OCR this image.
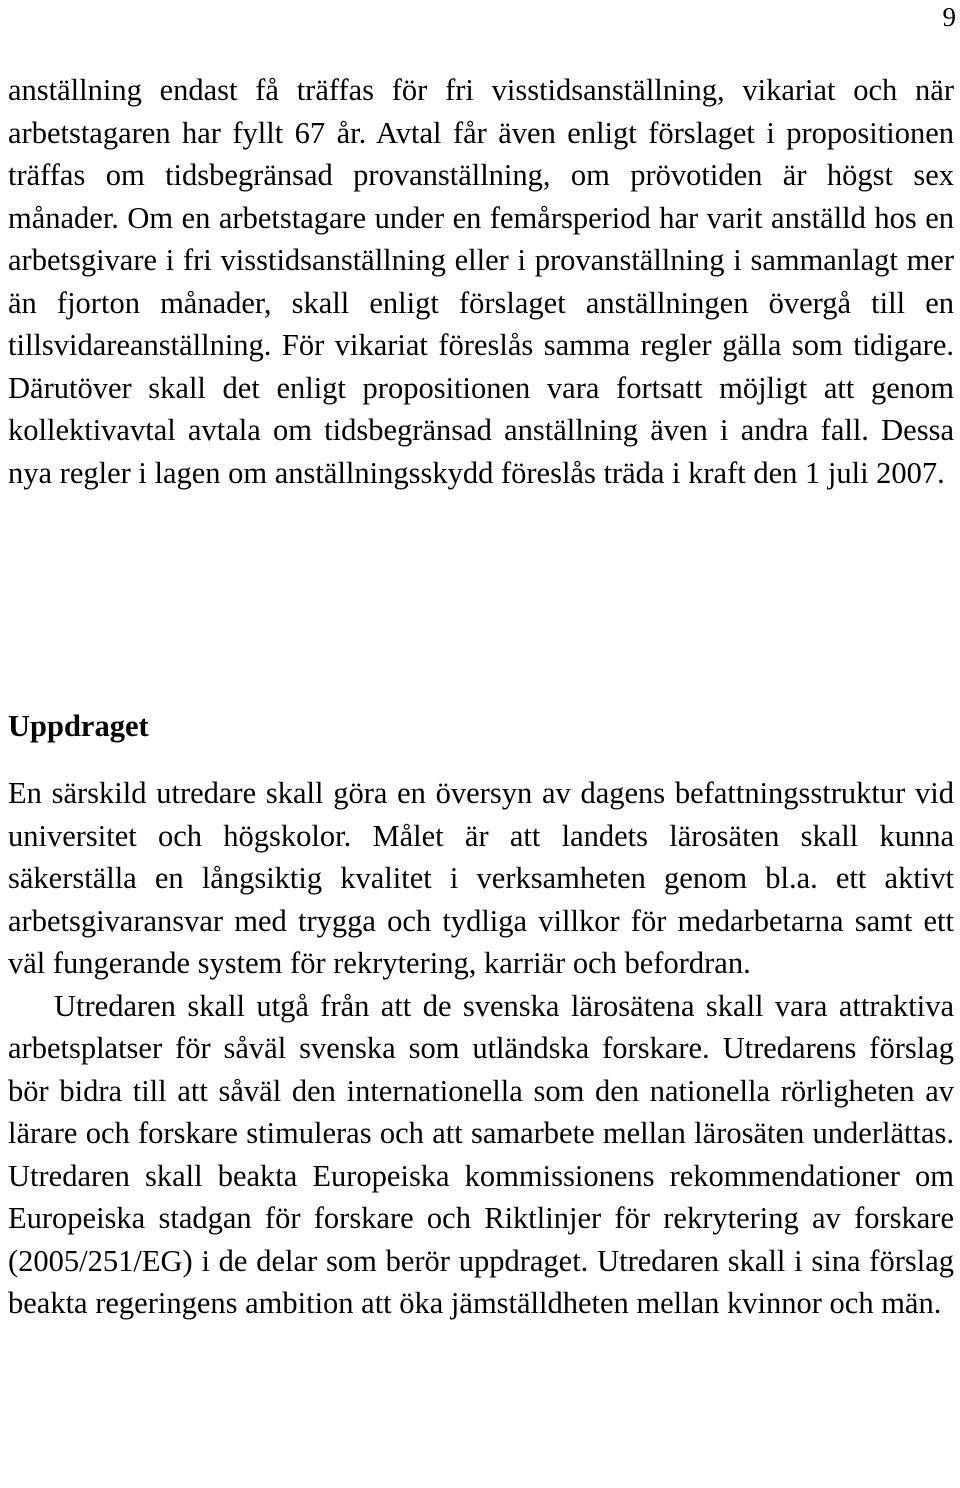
9

anställning endast få träffas för fri visstidsanställning, vikariat och när arbetstagaren har fyllt 67 år. Avtal får även enligt förslaget i propositionen träffas om tidsbegränsad provanställning, om prövotiden är högst sex månader. Om en arbetstagare under en femårsperiod har varit anställd hos en arbetsgivare i fri visstidsanställning eller i provanställning i sammanlagt mer än fjorton månader, skall enligt förslaget anställningen övergå till en tillsvidareanställning. För vikariat föreslås samma regler gälla som tidigare. Därutöver skall det enligt propositionen vara fortsatt möjligt att genom kollektivavtal avtala om tidsbegränsad anställning även i andra fall. Dessa nya regler i lagen om anställningsskydd föreslås träda i kraft den 1 juli 2007.

Uppdraget

En särskild utredare skall göra en översyn av dagens befattningsstruktur vid universitet och högskolor. Målet är att landets lärosäten skall kunna säkerställa en långsiktig kvalitet i verksamheten genom bl.a. ett aktivt arbetsgivaransvar med trygga och tydliga villkor för medarbetarna samt ett väl fungerande system för rekrytering, karriär och befordran.

Utredaren skall utgå från att de svenska lärosätena skall vara attraktiva arbetsplatser för såväl svenska som utländska forskare. Utredarens förslag bör bidra till att såväl den internationella som den nationella rörligheten av lärare och forskare stimuleras och att samarbete mellan lärosäten underlättas. Utredaren skall beakta Europeiska kommissionens rekommendationer om Europeiska stadgan för forskare och Riktlinjer för rekrytering av forskare (2005/251/EG) i de delar som berör uppdraget. Utredaren skall i sina förslag beakta regeringens ambition att öka jämställdheten mellan kvinnor och män.
